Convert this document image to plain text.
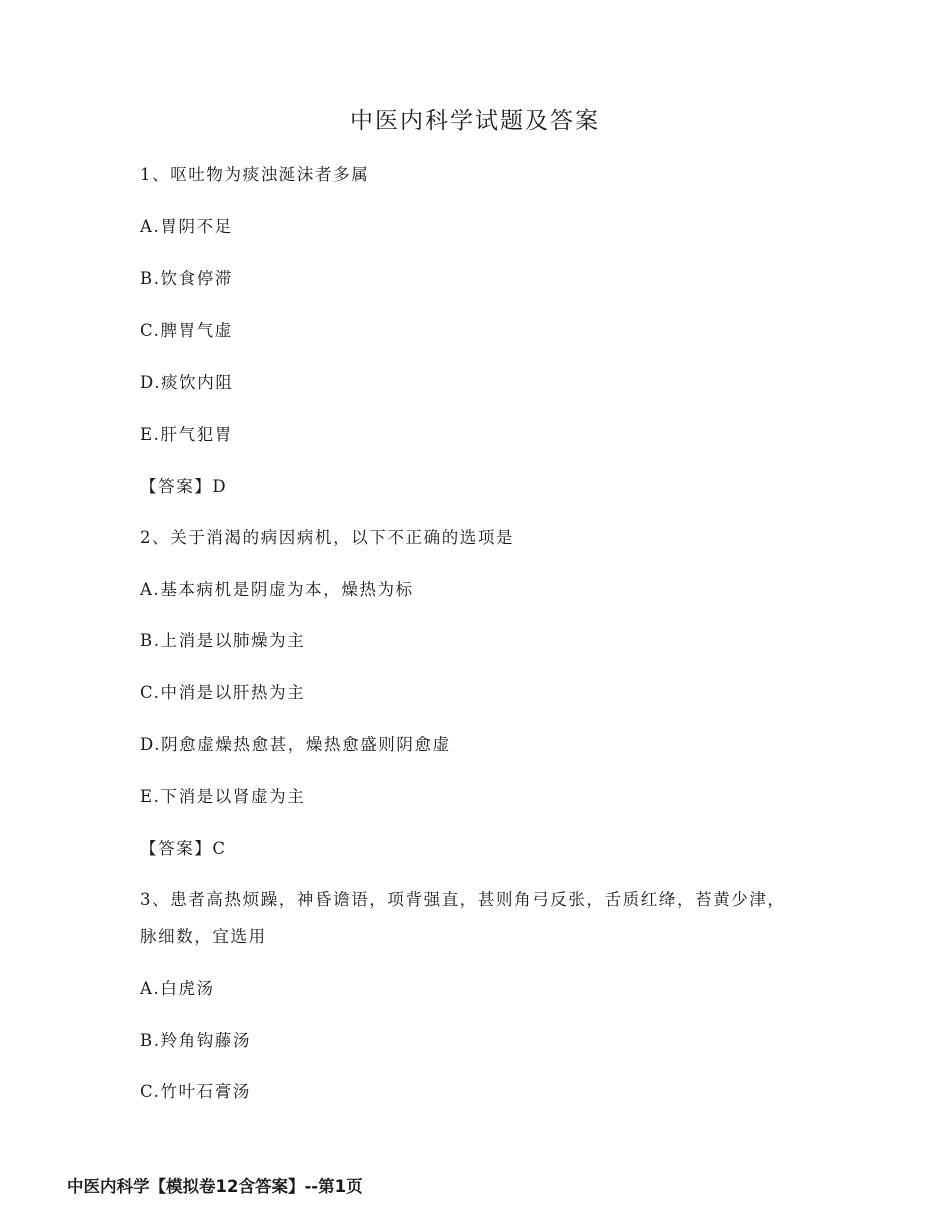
中医内科学试题及答案
1、呕吐物为痰浊涎沫者多属
A.胃阴不足
B.饮食停滞
C.脾胃气虚
D.痰饮内阻
E.肝气犯胃
【答案】D
2、关于消渴的病因病机，以下不正确的选项是
A.基本病机是阴虚为本，燥热为标
B.上消是以肺燥为主
C.中消是以肝热为主
D.阴愈虚燥热愈甚，燥热愈盛则阴愈虚
E.下消是以肾虚为主
【答案】C
3、患者高热烦躁，神昏谵语，项背强直，甚则角弓反张，舌质红绛，苔黄少津，
脉细数，宜选用
A.白虎汤
B.羚角钩藤汤
C.竹叶石膏汤
中医内科学【模拟卷12含答案】--第1页
